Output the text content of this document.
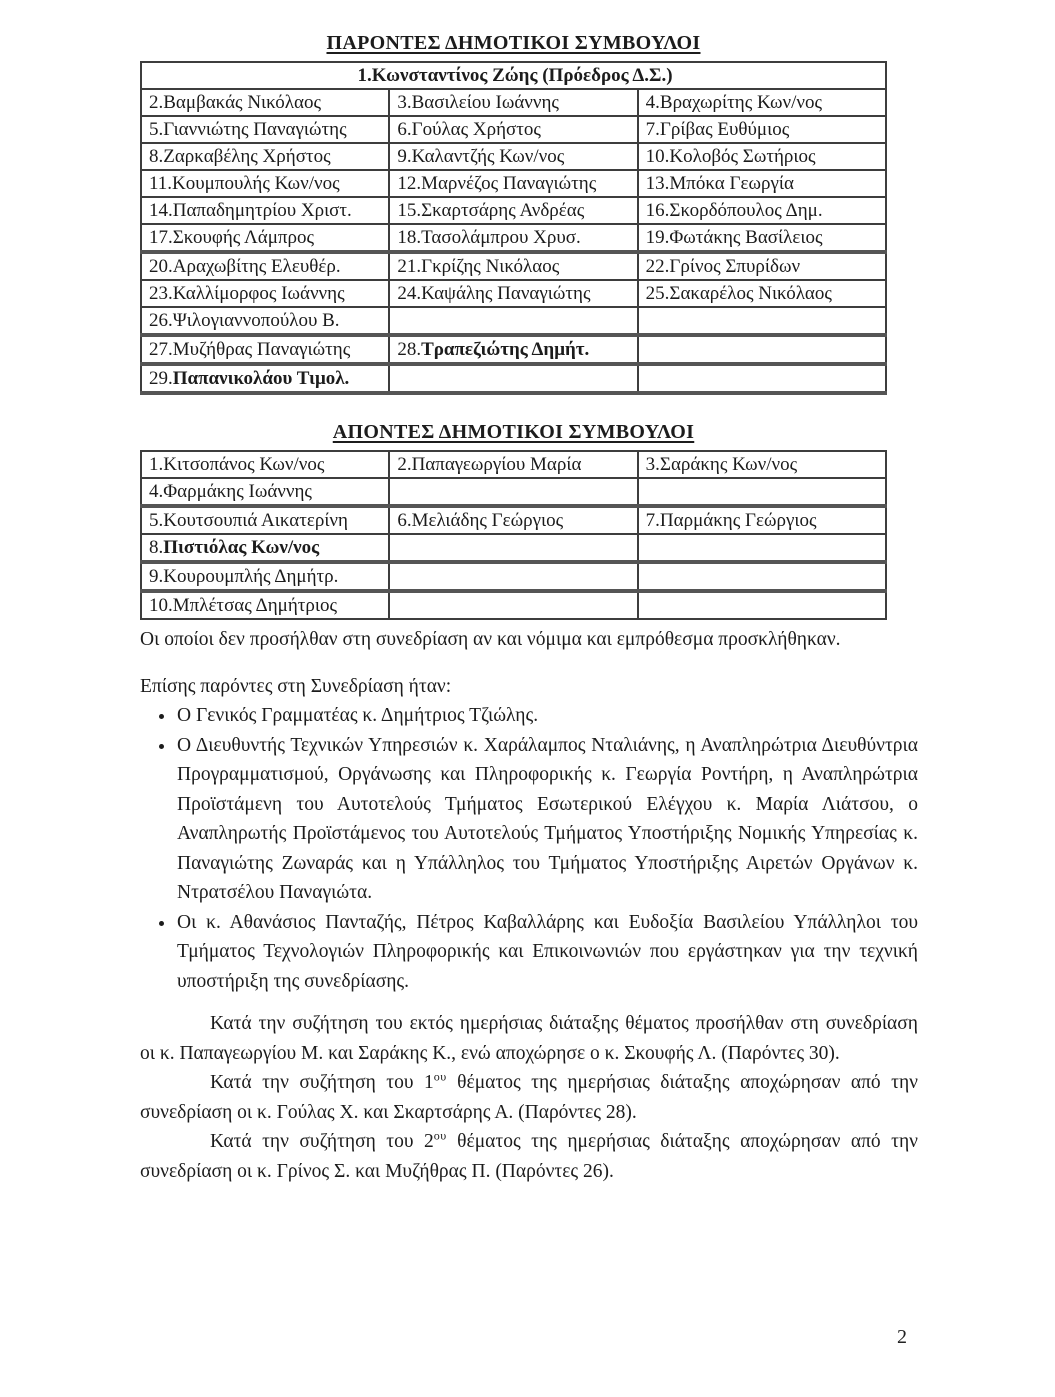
ΠΑΡΟΝΤΕΣ ΔΗΜΟΤΙΚΟΙ ΣΥΜΒΟΥΛΟΙ
1.Κωνσταντίνος Ζώης (Πρόεδρος Δ.Σ.)		
2.Βαμβακάς Νικόλαος	3.Βασιλείου Ιωάννης	4.Βραχωρίτης Κων/νος
5.Γιαννιώτης Παναγιώτης	6.Γούλας Χρήστος	7.Γρίβας Ευθύμιος
8.Ζαρκαβέλης Χρήστος	9.Καλαντζής Κων/νος	10.Κολοβός Σωτήριος
11.Κουμπουλής Κων/νος	12.Μαρνέζος Παναγιώτης	13.Μπόκα Γεωργία
14.Παπαδημητρίου Χριστ.	15.Σκαρτσάρης Ανδρέας	16.Σκορδόπουλος Δημ.
17.Σκουφής Λάμπρος	18.Τασολάμπρου Χρυσ.	19.Φωτάκης Βασίλειος
20.Αραχωβίτης Ελευθέρ.	21.Γκρίζης Νικόλαος	22.Γρίνος Σπυρίδων
23.Καλλίμορφος Ιωάννης	24.Καψάλης Παναγιώτης	25.Σακαρέλος Νικόλαος
26.Ψιλογιαννοπούλου Β.		
27.Μυζήθρας Παναγιώτης	28.Τραπεζιώτης Δημήτ.	
29.Παπανικολάου Τιμολ.		
ΑΠΟΝΤΕΣ ΔΗΜΟΤΙΚΟΙ ΣΥΜΒΟΥΛΟΙ
1.Κιτσοπάνος Κων/νος	2.Παπαγεωργίου Μαρία	3.Σαράκης Κων/νος
4.Φαρμάκης Ιωάννης		
5.Κουτσουπιά Αικατερίνη	6.Μελιάδης Γεώργιος	7.Παρμάκης Γεώργιος
8.Πιστιόλας Κων/νος		
9.Κουρουμπλής Δημήτρ.		
10.Μπλέτσας Δημήτριος		

Οι οποίοι δεν προσήλθαν στη συνεδρίαση αν και νόμιμα και εμπρόθεσμα προσκλήθηκαν.

Επίσης παρόντες στη Συνεδρίαση ήταν:

• Ο Γενικός Γραμματέας κ. Δημήτριος Τζιώλης.
• Ο Διευθυντής Τεχνικών Υπηρεσιών κ. Χαράλαμπος Νταλιάνης, η Αναπληρώτρια Διευθύντρια Προγραμματισμού, Οργάνωσης και Πληροφορικής κ. Γεωργία Ροντήρη, η Αναπληρώτρια Προϊστάμενη του Αυτοτελούς Τμήματος Εσωτερικού Ελέγχου κ. Μαρία Λιάτσου, ο Αναπληρωτής Προϊστάμενος του Αυτοτελούς Τμήματος Υποστήριξης Νομικής Υπηρεσίας κ. Παναγιώτης Ζωναράς και η Υπάλληλος του Τμήματος Υποστήριξης Αιρετών Οργάνων κ. Ντρατσέλου Παναγιώτα.
• Οι κ. Αθανάσιος Πανταζής, Πέτρος Καβαλλάρης και Ευδοξία Βασιλείου Υπάλληλοι του Τμήματος Τεχνολογιών Πληροφορικής και Επικοινωνιών που εργάστηκαν για την τεχνική υποστήριξη της συνεδρίασης.

Κατά την συζήτηση του εκτός ημερήσιας διάταξης θέματος προσήλθαν στη συνεδρίαση οι κ. Παπαγεωργίου Μ. και Σαράκης Κ., ενώ αποχώρησε ο κ. Σκουφής Λ. (Παρόντες 30).

Κατά την συζήτηση του $1^{o\upsilon}$ θέματος της ημερήσιας διάταξης αποχώρησαν από την συνεδρίαση οι κ. Γούλας Χ. και Σκαρτσάρης Α. (Παρόντες 28).

Κατά την συζήτηση του $2^{o\upsilon}$ θέματος της ημερήσιας διάταξης αποχώρησαν από την συνεδρίαση οι κ. Γρίνος Σ. και Μυζήθρας Π. (Παρόντες 26).

2
